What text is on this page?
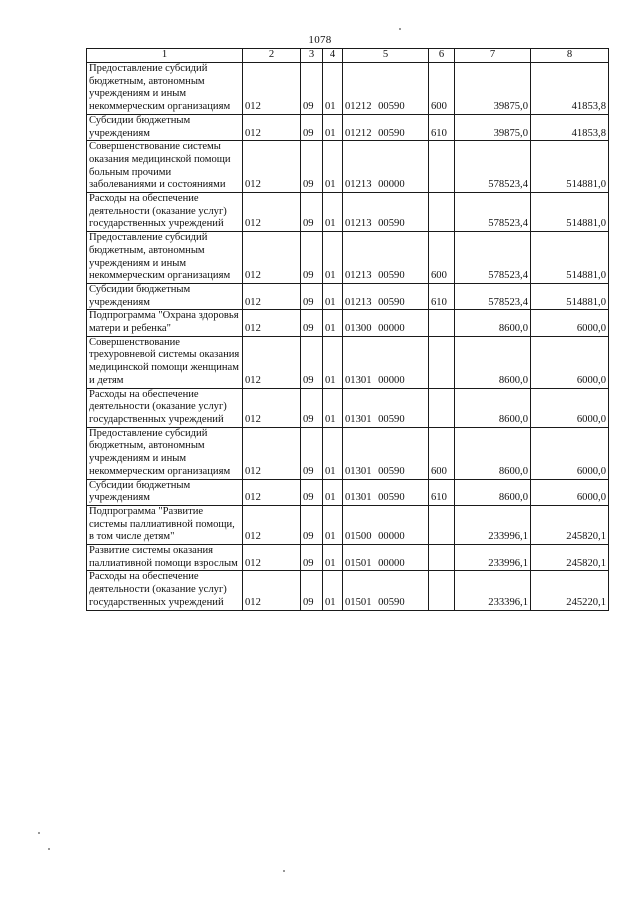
1078
1	2	3	4	5	6	7	8
Предоставление субсидий бюджетным, автономным учреждениям и иным некоммерческим организациям	012	09	01	01212 00590	600	39875,0	41853,8
Субсидии бюджетным учреждениям	012	09	01	01212 00590	610	39875,0	41853,8
Совершенствование системы оказания медицинской помощи больным прочими заболеваниями и состояниями	012	09	01	01213 00000		578523,4	514881,0
Расходы на обеспечение деятельности (оказание услуг) государственных учреждений	012	09	01	01213 00590		578523,4	514881,0
Предоставление субсидий бюджетным, автономным учреждениям и иным некоммерческим организациям	012	09	01	01213 00590	600	578523,4	514881,0
Субсидии бюджетным учреждениям	012	09	01	01213 00590	610	578523,4	514881,0
Подпрограмма "Охрана здоровья матери и ребенка"	012	09	01	01300 00000		8600,0	6000,0
Совершенствование трехуровневой системы оказания медицинской помощи женщинам и детям	012	09	01	01301 00000		8600,0	6000,0
Расходы на обеспечение деятельности (оказание услуг) государственных учреждений	012	09	01	01301 00590		8600,0	6000,0
Предоставление субсидий бюджетным, автономным учреждениям и иным некоммерческим организациям	012	09	01	01301 00590	600	8600,0	6000,0
Субсидии бюджетным учреждениям	012	09	01	01301 00590	610	8600,0	6000,0
Подпрограмма "Развитие системы паллиативной помощи, в том числе детям"	012	09	01	01500 00000		233996,1	245820,1
Развитие системы оказания паллиативной помощи взрослым	012	09	01	01501 00000		233996,1	245820,1
Расходы на обеспечение деятельности (оказание услуг) государственных учреждений	012	09	01	01501 00590		233396,1	245220,1
